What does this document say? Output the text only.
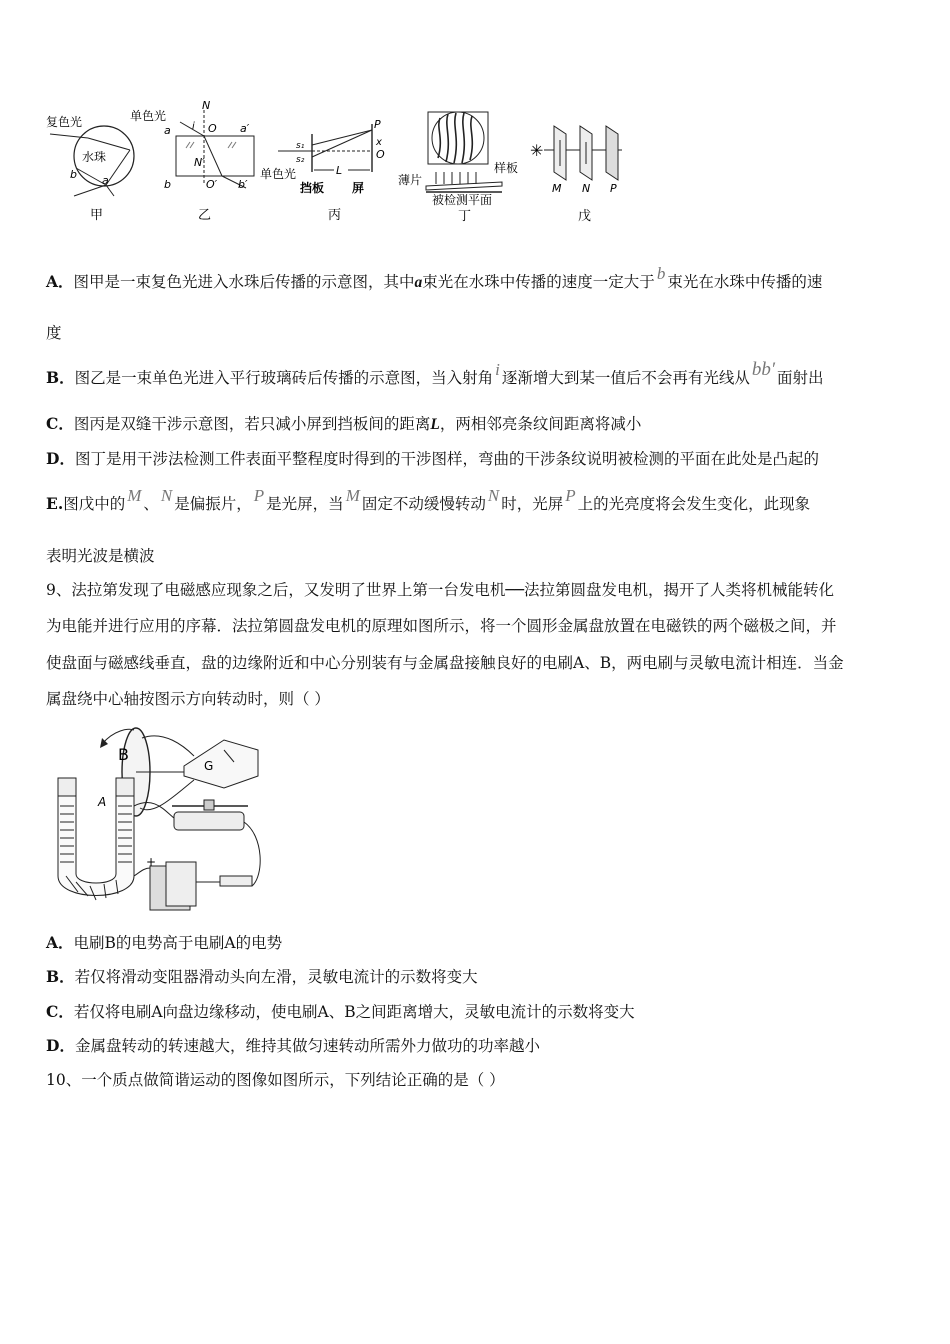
复色光
水珠
b a
甲
单色光
N
i O
a	a′
N′
b	O′ b′
乙
P
s₁
s₂
x
O
单色光	L
挡板 屏
丙
薄片
样板
被检测平面
丁
✳
M N P
戊
A．图甲是一束复色光进入水珠后传播的示意图，其中a束光在水珠中传播的速度一定大于 b 束光在水珠中传播的速
度
B．图乙是一束单色光进入平行玻璃砖后传播的示意图，当入射角 i 逐渐增大到某一值后不会再有光线从 bb′ 面射出
C．图丙是双缝干涉示意图，若只减小屏到挡板间的距离L，两相邻亮条纹间距离将减小
D．图丁是用干涉法检测工件表面平整程度时得到的干涉图样，弯曲的干涉条纹说明被检测的平面在此处是凸起的
E.图戊中的 M 、 N 是偏振片， P 是光屏，当 M 固定不动缓慢转动 N 时，光屏 P 上的光亮度将会发生变化，此现象
表明光波是横波
9、法拉第发现了电磁感应现象之后，又发明了世界上第一台发电机──法拉第圆盘发电机，揭开了人类将机械能转化
为电能并进行应用的序幕．法拉第圆盘发电机的原理如图所示，将一个圆形金属盘放置在电磁铁的两个磁极之间，并
使盘面与磁感线垂直，盘的边缘附近和中心分别装有与金属盘接触良好的电刷A、B，两电刷与灵敏电流计相连．当金
属盘绕中心轴按图示方向转动时，则（ ）
B
A
G
+
A．电刷B的电势高于电刷A的电势
B．若仅将滑动变阻器滑动头向左滑，灵敏电流计的示数将变大
C．若仅将电刷A向盘边缘移动，使电刷A、B之间距离增大，灵敏电流计的示数将变大
D．金属盘转动的转速越大，维持其做匀速转动所需外力做功的功率越小
10、一个质点做简谐运动的图像如图所示，下列结论正确的是（ ）
